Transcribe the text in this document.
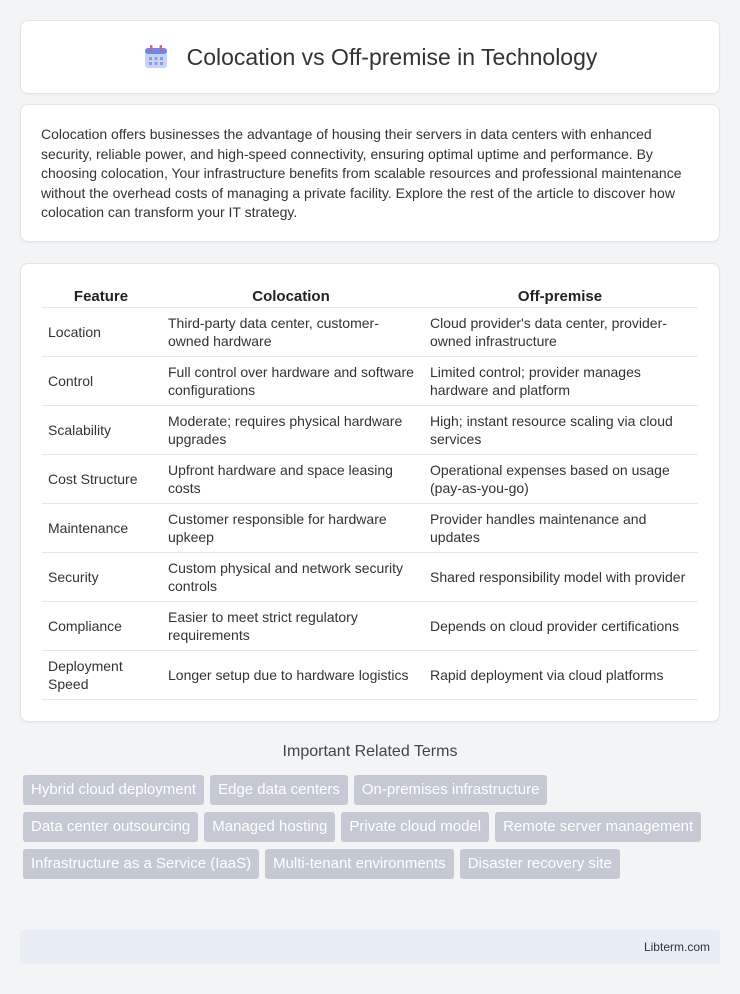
Colocation vs Off-premise in Technology

Colocation offers businesses the advantage of housing their servers in data centers with enhanced security, reliable power, and high-speed connectivity, ensuring optimal uptime and performance. By choosing colocation, Your infrastructure benefits from scalable resources and professional maintenance without the overhead costs of managing a private facility. Explore the rest of the article to discover how colocation can transform your IT strategy.

Feature	Colocation	Off-premise
Location	Third-party data center, customer-owned hardware	Cloud provider's data center, provider-owned infrastructure
Control	Full control over hardware and software configurations	Limited control; provider manages hardware and platform
Scalability	Moderate; requires physical hardware upgrades	High; instant resource scaling via cloud services
Cost Structure	Upfront hardware and space leasing costs	Operational expenses based on usage (pay-as-you-go)
Maintenance	Customer responsible for hardware upkeep	Provider handles maintenance and updates
Security	Custom physical and network security controls	Shared responsibility model with provider
Compliance	Easier to meet strict regulatory requirements	Depends on cloud provider certifications
Deployment Speed	Longer setup due to hardware logistics	Rapid deployment via cloud platforms
Important Related Terms
Hybrid cloud deployment	Edge data centers	On-premises infrastructure
Data center outsourcing	Managed hosting	Private cloud model	Remote server management
Infrastructure as a Service (IaaS)	Multi-tenant environments	Disaster recovery site
Libterm.com
